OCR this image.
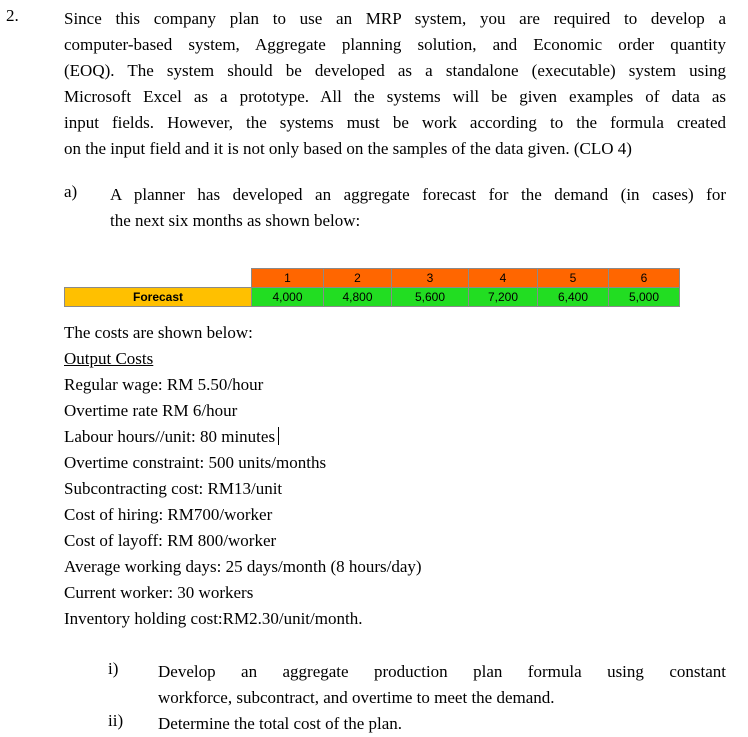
2.	Since this company plan to use an MRP system, you are required to develop a
computer-based system, Aggregate planning solution, and Economic order quantity
(EOQ). The system should be developed as a standalone (executable) system using
Microsoft Excel as a prototype. All the systems will be given examples of data as
input fields. However, the systems must be work according to the formula created
on the input field and it is not only based on the samples of the data given. (CLO 4)
a) A planner has developed an aggregate forecast for the demand (in cases) for
the next six months as shown below:
	1	2	3	4	5	6
Forecast	4,000	4,800	5,600	7,200	6,400	5,000
The costs are shown below:
Output Costs
Regular wage: RM 5.50/hour
Overtime rate RM 6/hour
Labour hours//unit: 80 minutes
Overtime constraint: 500 units/months
Subcontracting cost: RM13/unit
Cost of hiring: RM700/worker
Cost of layoff: RM 800/worker
Average working days: 25 days/month (8 hours/day)
Current worker: 30 workers
Inventory holding cost:RM2.30/unit/month.
i) Develop an aggregate production plan formula using constant
workforce, subcontract, and overtime to meet the demand.
ii) Determine the total cost of the plan.
